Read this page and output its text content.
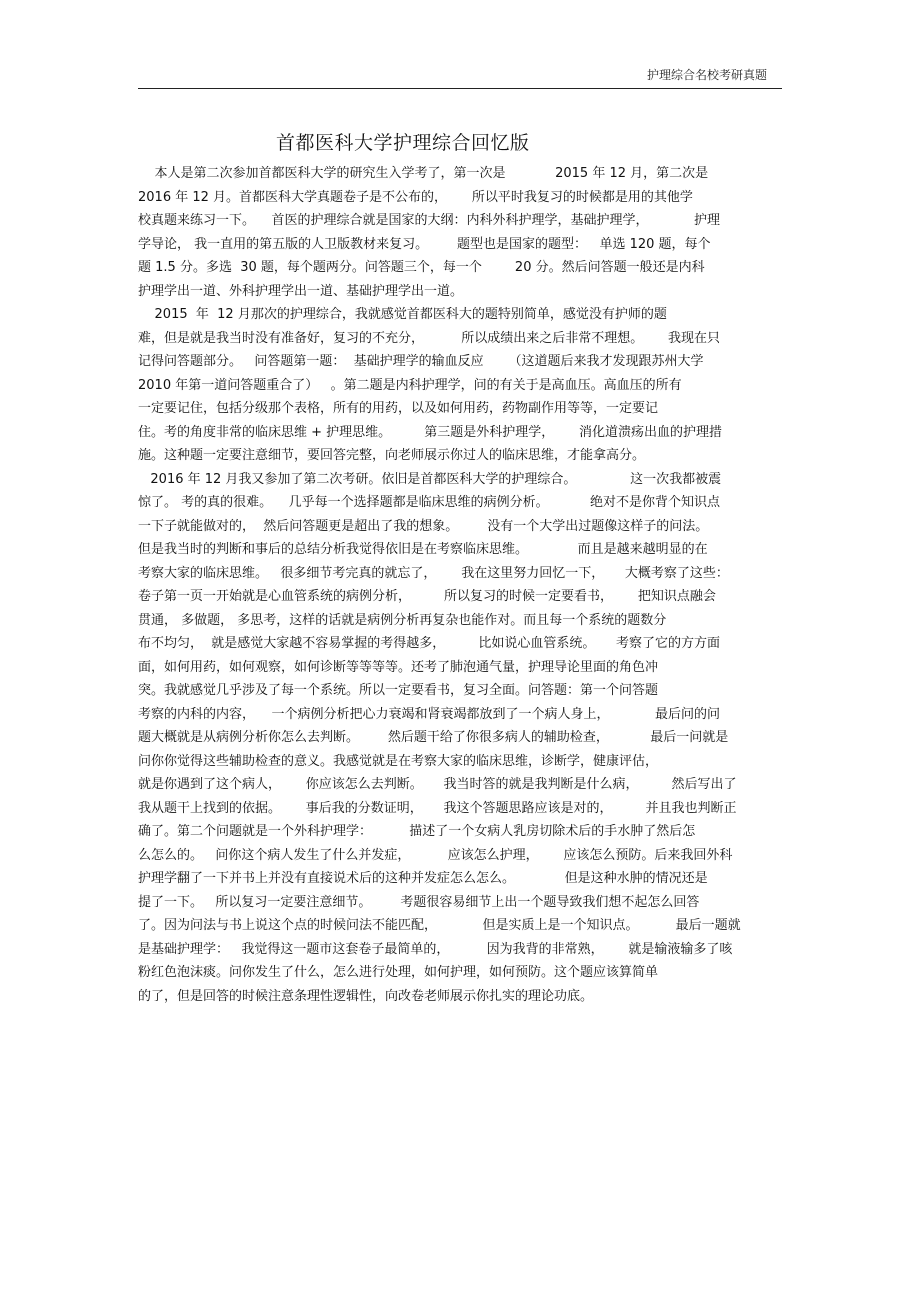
护理综合名校考研真题
首都医科大学护理综合回忆版
本人是第二次参加首都医科大学的研究生入学考了，第一次是            2015 年 12 月，第二次是
2016 年 12 月。首都医科大学真题卷子是不公布的，      所以平时我复习的时候都是用的其他学
校真题来练习一下。    首医的护理综合就是国家的大纲：内科外科护理学，基础护理学，           护理
学导论， 我一直用的第五版的人卫版教材来复习。       题型也是国家的题型：   单选 120 题，每个
题 1.5 分。多选  30 题，每个题两分。问答题三个，每一个        20 分。然后问答题一般还是内科
护理学出一道、外科护理学出一道、基础护理学出一道。
2015  年  12 月那次的护理综合，我就感觉首都医科大的题特别简单，感觉没有护师的题
难，但是就是我当时没有准备好，复习的不充分，         所以成绩出来之后非常不理想。      我现在只
记得问答题部分。   问答题第一题：  基础护理学的输血反应      （这道题后来我才发现跟苏州大学
2010 年第一道问答题重合了）   。第二题是内科护理学，问的有关于是高血压。高血压的所有
一定要记住，包括分级那个表格，所有的用药，以及如何用药，药物副作用等等，一定要记
住。考的角度非常的临床思维 + 护理思维。        第三题是外科护理学，      消化道溃疡出血的护理措
施。这种题一定要注意细节，要回答完整，向老师展示你过人的临床思维，才能拿高分。
2016 年 12 月我又参加了第二次考研。依旧是首都医科大学的护理综合。             这一次我都被震
惊了。 考的真的很难。    几乎每一个选择题都是临床思维的病例分析。          绝对不是你背个知识点
一下子就能做对的，  然后问答题更是超出了我的想象。       没有一个大学出过题像这样子的问法。
但是我当时的判断和事后的总结分析我觉得依旧是在考察临床思维。            而且是越来越明显的在
考察大家的临床思维。   很多细节考完真的就忘了，      我在这里努力回忆一下，     大概考察了这些：
卷子第一页一开始就是心血管系统的病例分析，        所以复习的时候一定要看书，      把知识点融会
贯通， 多做题， 多思考，这样的话就是病例分析再复杂也能作对。而且每一个系统的题数分
布不均匀，  就是感觉大家越不容易掌握的考得越多，        比如说心血管系统。     考察了它的方方面
面，如何用药，如何观察，如何诊断等等等等。还考了肺泡通气量，护理导论里面的角色冲
突。我就感觉几乎涉及了每一个系统。所以一定要看书，复习全面。问答题：第一个问答题
考察的内科的内容，    一个病例分析把心力衰竭和肾衰竭都放到了一个病人身上，           最后问的问
题大概就是从病例分析你怎么去判断。       然后题干给了你很多病人的辅助检查，          最后一问就是
问你你觉得这些辅助检查的意义。我感觉就是在考察大家的临床思维，诊断学，健康评估，
就是你遇到了这个病人，      你应该怎么去判断。     我当时答的就是我判断是什么病，        然后写出了
我从题干上找到的依据。      事后我的分数证明，     我这个答题思路应该是对的，        并且我也判断正
确了。第二个问题就是一个外科护理学：         描述了一个女病人乳房切除术后的手水肿了然后怎
么怎么的。   问你这个病人发生了什么并发症，         应该怎么护理，      应该怎么预防。后来我回外科
护理学翻了一下并书上并没有直接说术后的这种并发症怎么怎么。            但是这种水肿的情况还是
提了一下。   所以复习一定要注意细节。       考题很容易细节上出一个题导致我们想不起怎么回答
了。因为问法与书上说这个点的时候问法不能匹配，           但是实质上是一个知识点。         最后一题就
是基础护理学：   我觉得这一题市这套卷子最简单的，         因为我背的非常熟，      就是输液输多了咳
粉红色泡沫痰。问你发生了什么，怎么进行处理，如何护理，如何预防。这个题应该算简单
的了，但是回答的时候注意条理性逻辑性，向改卷老师展示你扎实的理论功底。
